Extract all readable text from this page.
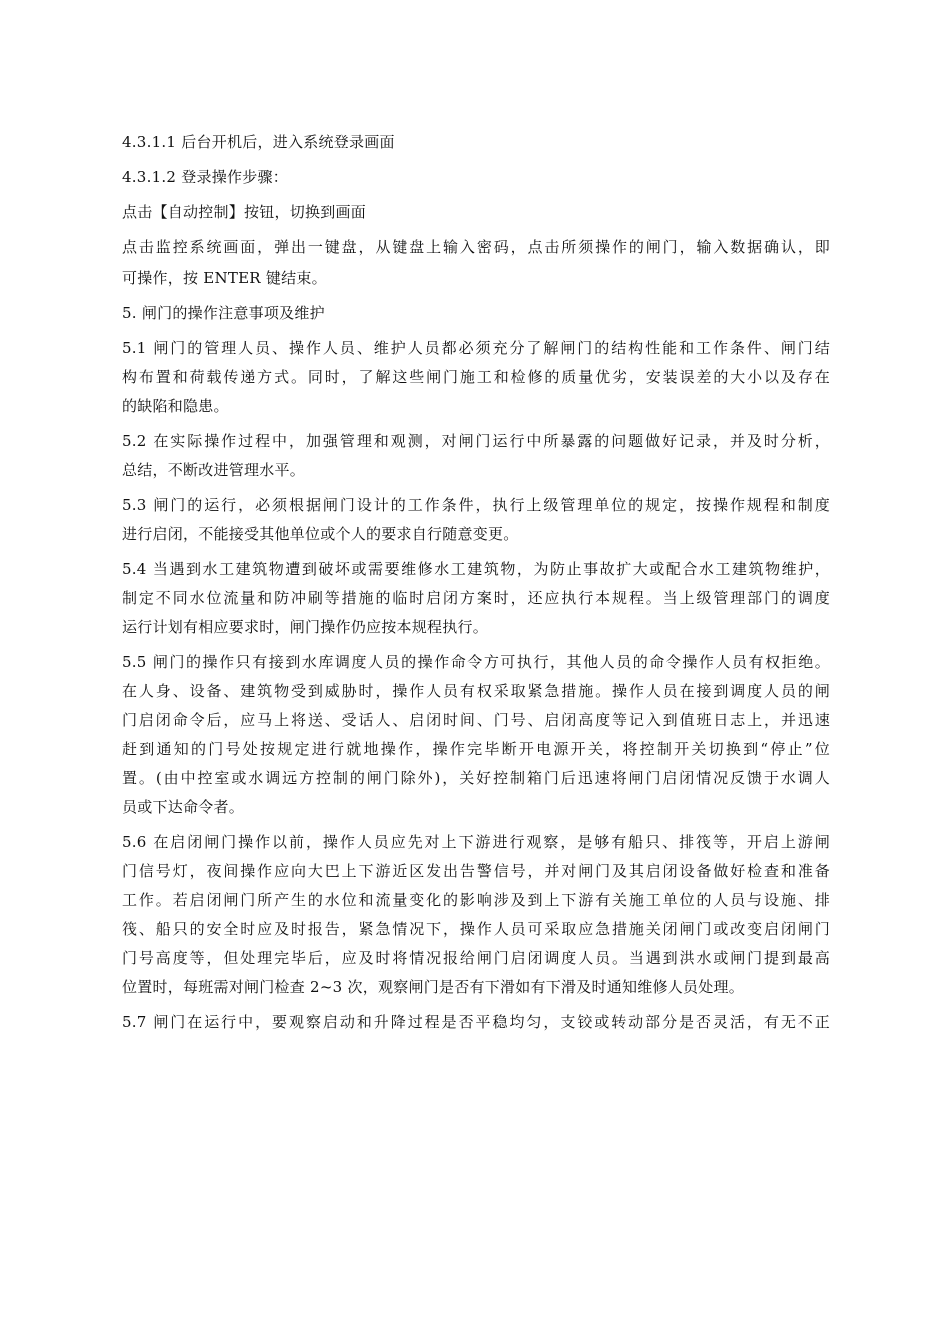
4.3.1.1 后台开机后，进入系统登录画面
4.3.1.2 登录操作步骤：
点击【自动控制】按钮，切换到画面
点击监控系统画面，弹出一键盘，从键盘上输入密码，点击所须操作的闸门，输入数据确认，即
可操作，按 ENTER 键结束。
5. 闸门的操作注意事项及维护
5.1 闸门的管理人员、操作人员、维护人员都必须充分了解闸门的结构性能和工作条件、闸门结
构布置和荷载传递方式。同时，了解这些闸门施工和检修的质量优劣，安装误差的大小以及存在
的缺陷和隐患。
5.2 在实际操作过程中，加强管理和观测，对闸门运行中所暴露的问题做好记录，并及时分析，
总结，不断改进管理水平。
5.3 闸门的运行，必须根据闸门设计的工作条件，执行上级管理单位的规定，按操作规程和制度
进行启闭，不能接受其他单位或个人的要求自行随意变更。
5.4 当遇到水工建筑物遭到破坏或需要维修水工建筑物，为防止事故扩大或配合水工建筑物维护，
制定不同水位流量和防冲刷等措施的临时启闭方案时，还应执行本规程。当上级管理部门的调度
运行计划有相应要求时，闸门操作仍应按本规程执行。
5.5 闸门的操作只有接到水库调度人员的操作命令方可执行，其他人员的命令操作人员有权拒绝。
在人身、设备、建筑物受到威胁时，操作人员有权采取紧急措施。操作人员在接到调度人员的闸
门启闭命令后，应马上将送、受话人、启闭时间、门号、启闭高度等记入到值班日志上，并迅速
赶到通知的门号处按规定进行就地操作，操作完毕断开电源开关，将控制开关切换到“停止”位
置。(由中控室或水调远方控制的闸门除外)，关好控制箱门后迅速将闸门启闭情况反馈于水调人
员或下达命令者。
5.6 在启闭闸门操作以前，操作人员应先对上下游进行观察，是够有船只、排筏等，开启上游闸
门信号灯，夜间操作应向大巴上下游近区发出告警信号，并对闸门及其启闭设备做好检查和准备
工作。若启闭闸门所产生的水位和流量变化的影响涉及到上下游有关施工单位的人员与设施、排
筏、船只的安全时应及时报告，紧急情况下，操作人员可采取应急措施关闭闸门或改变启闭闸门
门号高度等，但处理完毕后，应及时将情况报给闸门启闭调度人员。当遇到洪水或闸门提到最高
位置时，每班需对闸门检查 2~3 次，观察闸门是否有下滑如有下滑及时通知维修人员处理。
5.7 闸门在运行中，要观察启动和升降过程是否平稳均匀，支铰或转动部分是否灵活，有无不正
